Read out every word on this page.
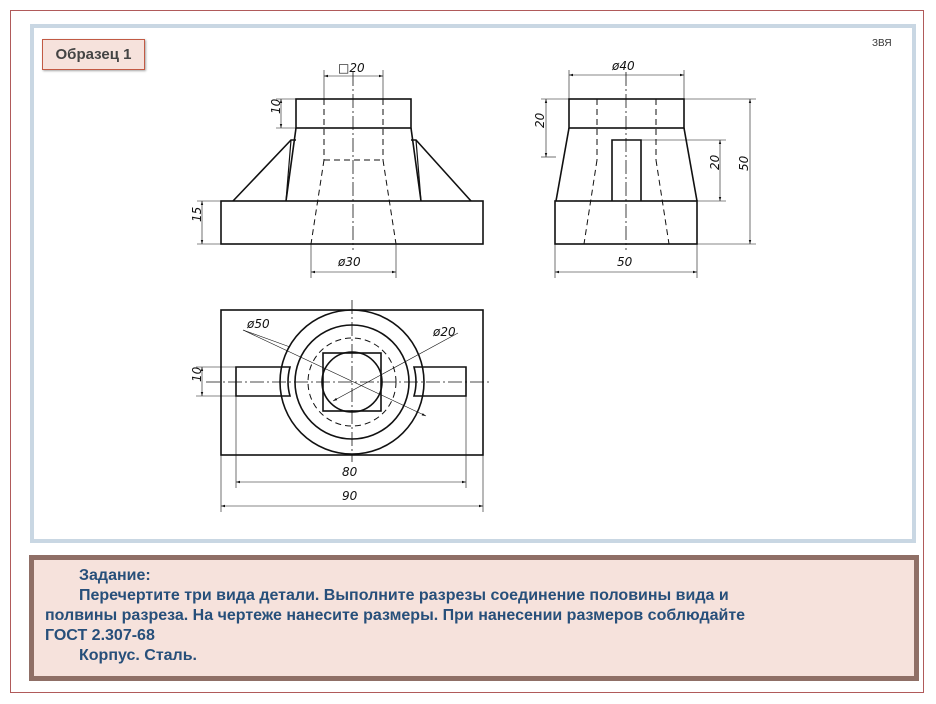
□20
10
15
ø30
ø40
20
20 50
50
ø50
ø20
10
80
90
Образец 1
ЗВЯ
Задание:
Перечертите три вида детали. Выполните разрезы соединение половины вида и
полвины разреза. На чертеже нанесите размеры. При нанесении размеров соблюдайте
ГОСТ 2.307-68
Корпус. Сталь.
